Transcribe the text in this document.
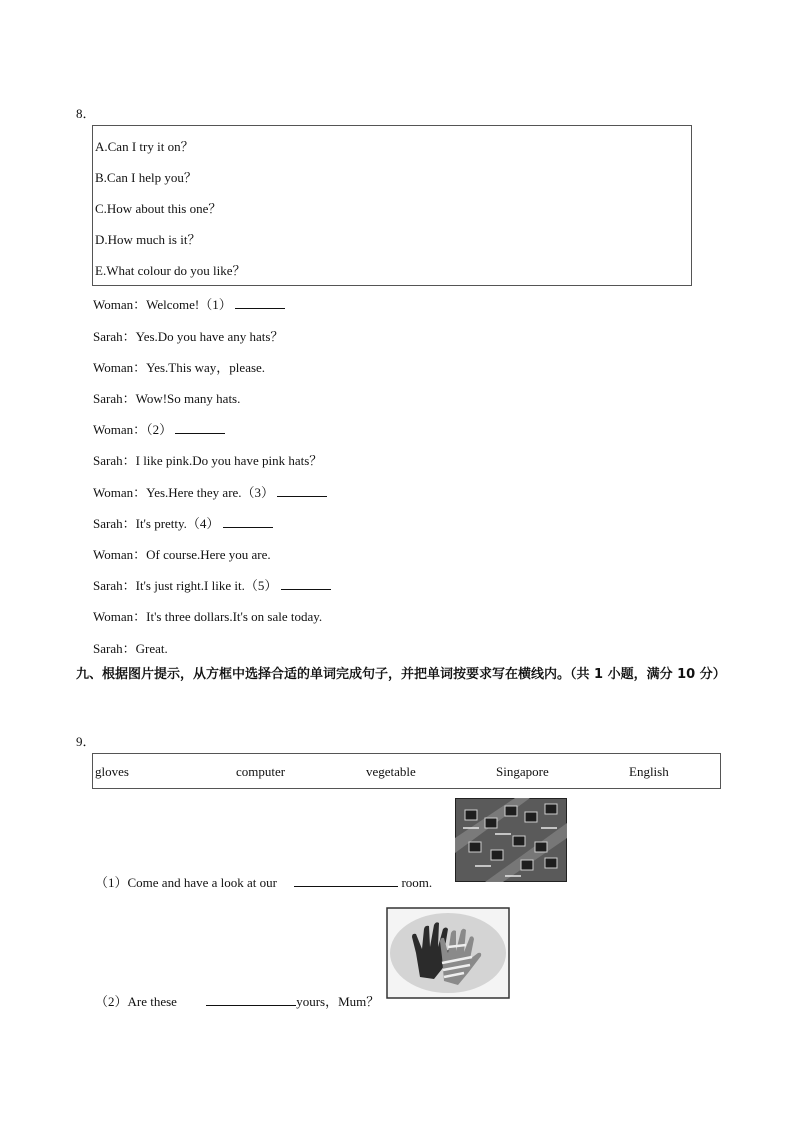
8．
A.Can I try it on？
B.Can I help you？
C.How about this one？
D.How much is it？
E.What colour do you like？
Woman：Welcome!（1）
Sarah：Yes.Do you have any hats？
Woman：Yes.This way，please.
Sarah：Wow!So many hats.
Woman：（2）
Sarah：I like pink.Do you have pink hats？
Woman：Yes.Here they are.（3）
Sarah：It's pretty.（4）
Woman：Of course.Here you are.
Sarah：It's just right.I like it.（5）
Woman：It's three dollars.It's on sale today.
Sarah：Great.
九、根据图片提示，从方框中选择合适的单词完成句子，并把单词按要求写在横线内。（共 1 小题，满分 10 分）
9．
gloves	computer	vegetable	Singapore	English
（1）Come and have a look at our	room.
（2）Are these	yours，Mum？
